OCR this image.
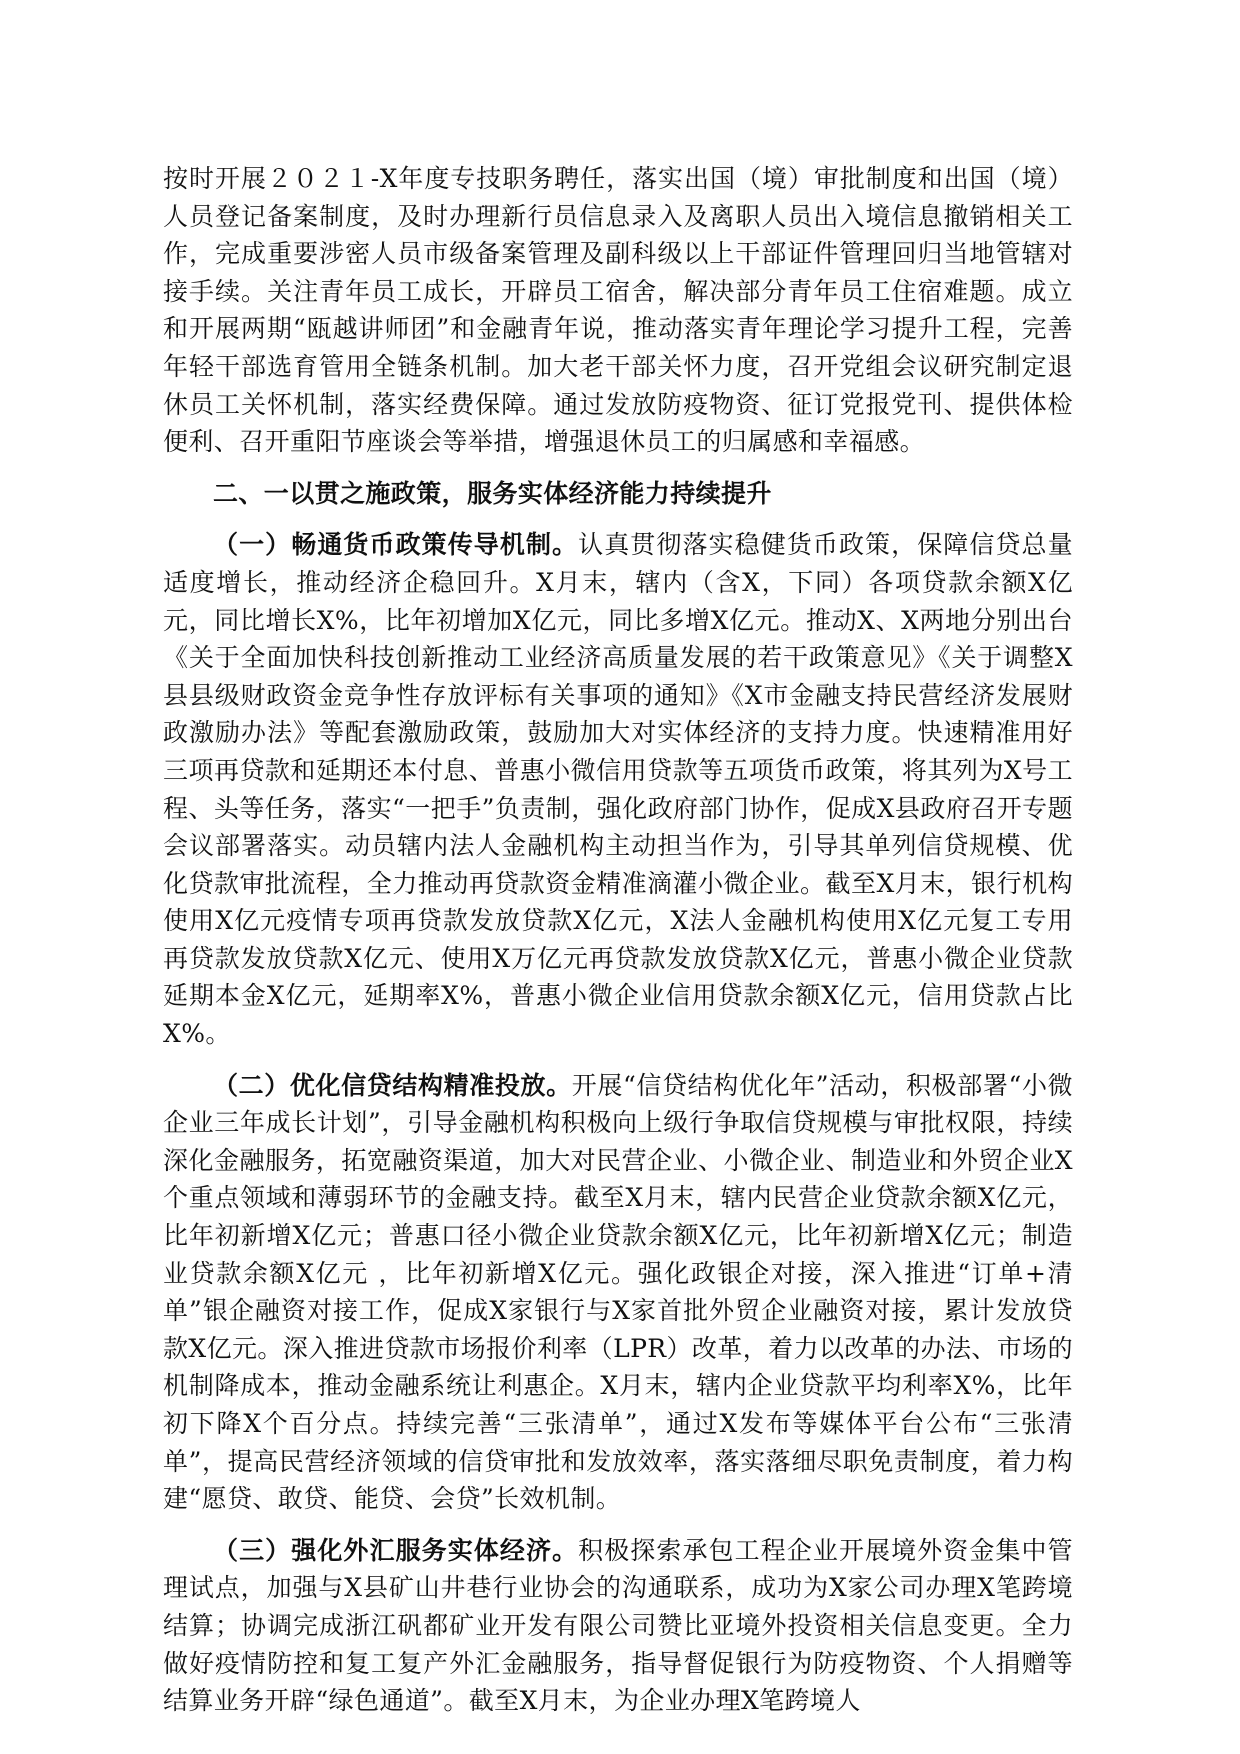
按时开展２０２１-X年度专技职务聘任，落实出国（境）审批制度和出国（境）人员登记备案制度，及时办理新行员信息录入及离职人员出入境信息撤销相关工作，完成重要涉密人员市级备案管理及副科级以上干部证件管理回归当地管辖对接手续。关注青年员工成长，开辟员工宿舍，解决部分青年员工住宿难题。成立和开展两期“瓯越讲师团”和金融青年说，推动落实青年理论学习提升工程，完善年轻干部选育管用全链条机制。加大老干部关怀力度，召开党组会议研究制定退休员工关怀机制，落实经费保障。通过发放防疫物资、征订党报党刊、提供体检便利、召开重阳节座谈会等举措，增强退休员工的归属感和幸福感。

二、一以贯之施政策，服务实体经济能力持续提升

（一）畅通货币政策传导机制。认真贯彻落实稳健货币政策，保障信贷总量适度增长，推动经济企稳回升。X月末，辖内（含X，下同）各项贷款余额X亿元，同比增长X%，比年初增加X亿元，同比多增X亿元。推动X、X两地分别出台《关于全面加快科技创新推动工业经济高质量发展的若干政策意见》《关于调整X县县级财政资金竞争性存放评标有关事项的通知》《X市金融支持民营经济发展财政激励办法》等配套激励政策，鼓励加大对实体经济的支持力度。快速精准用好三项再贷款和延期还本付息、普惠小微信用贷款等五项货币政策，将其列为X号工程、头等任务，落实“一把手”负责制，强化政府部门协作，促成X县政府召开专题会议部署落实。动员辖内法人金融机构主动担当作为，引导其单列信贷规模、优化贷款审批流程，全力推动再贷款资金精准滴灌小微企业。截至X月末，银行机构使用X亿元疫情专项再贷款发放贷款X亿元，X法人金融机构使用X亿元复工专用再贷款发放贷款X亿元、使用X万亿元再贷款发放贷款X亿元，普惠小微企业贷款延期本金X亿元，延期率X%，普惠小微企业信用贷款余额X亿元，信用贷款占比X%。

（二）优化信贷结构精准投放。开展“信贷结构优化年”活动，积极部署“小微企业三年成长计划”，引导金融机构积极向上级行争取信贷规模与审批权限，持续深化金融服务，拓宽融资渠道，加大对民营企业、小微企业、制造业和外贸企业X个重点领域和薄弱环节的金融支持。截至X月末，辖内民营企业贷款余额X亿元，比年初新增X亿元；普惠口径小微企业贷款余额X亿元，比年初新增X亿元；制造业贷款余额X亿元 ，比年初新增X亿元。强化政银企对接，深入推进“订单+清单”银企融资对接工作，促成X家银行与X家首批外贸企业融资对接，累计发放贷款X亿元。深入推进贷款市场报价利率（LPR）改革，着力以改革的办法、市场的机制降成本，推动金融系统让利惠企。X月末，辖内企业贷款平均利率X%，比年初下降X个百分点。持续完善“三张清单”，通过X发布等媒体平台公布“三张清单”，提高民营经济领域的信贷审批和发放效率，落实落细尽职免责制度，着力构建“愿贷、敢贷、能贷、会贷”长效机制。

（三）强化外汇服务实体经济。积极探索承包工程企业开展境外资金集中管理试点，加强与X县矿山井巷行业协会的沟通联系，成功为X家公司办理X笔跨境结算；协调完成浙江矾都矿业开发有限公司赞比亚境外投资相关信息变更。全力做好疫情防控和复工复产外汇金融服务，指导督促银行为防疫物资、个人捐赠等结算业务开辟“绿色通道”。截至X月末，为企业办理X笔跨境人
